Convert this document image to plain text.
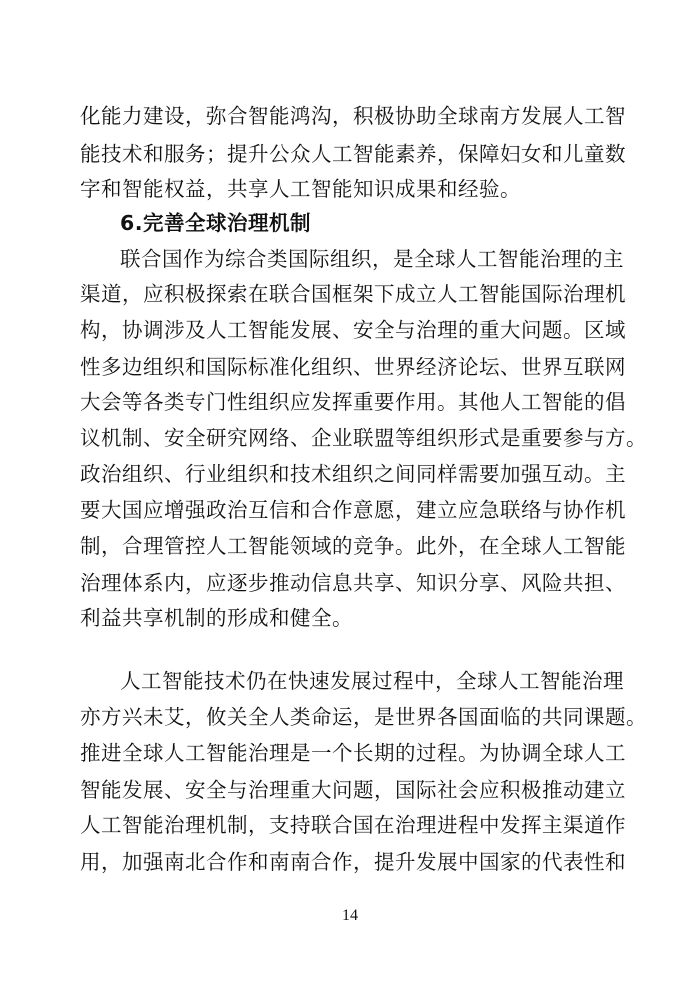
化能力建设，弥合智能鸿沟，积极协助全球南方发展人工智
能技术和服务；提升公众人工智能素养，保障妇女和儿童数
字和智能权益，共享人工智能知识成果和经验。
6.完善全球治理机制
联合国作为综合类国际组织，是全球人工智能治理的主
渠道，应积极探索在联合国框架下成立人工智能国际治理机
构，协调涉及人工智能发展、安全与治理的重大问题。区域
性多边组织和国际标准化组织、世界经济论坛、世界互联网
大会等各类专门性组织应发挥重要作用。其他人工智能的倡
议机制、安全研究网络、企业联盟等组织形式是重要参与方。
政治组织、行业组织和技术组织之间同样需要加强互动。主
要大国应增强政治互信和合作意愿，建立应急联络与协作机
制，合理管控人工智能领域的竞争。此外，在全球人工智能
治理体系内，应逐步推动信息共享、知识分享、风险共担、
利益共享机制的形成和健全。
人工智能技术仍在快速发展过程中，全球人工智能治理
亦方兴未艾，攸关全人类命运，是世界各国面临的共同课题。
推进全球人工智能治理是一个长期的过程。为协调全球人工
智能发展、安全与治理重大问题，国际社会应积极推动建立
人工智能治理机制，支持联合国在治理进程中发挥主渠道作
用，加强南北合作和南南合作，提升发展中国家的代表性和
14
